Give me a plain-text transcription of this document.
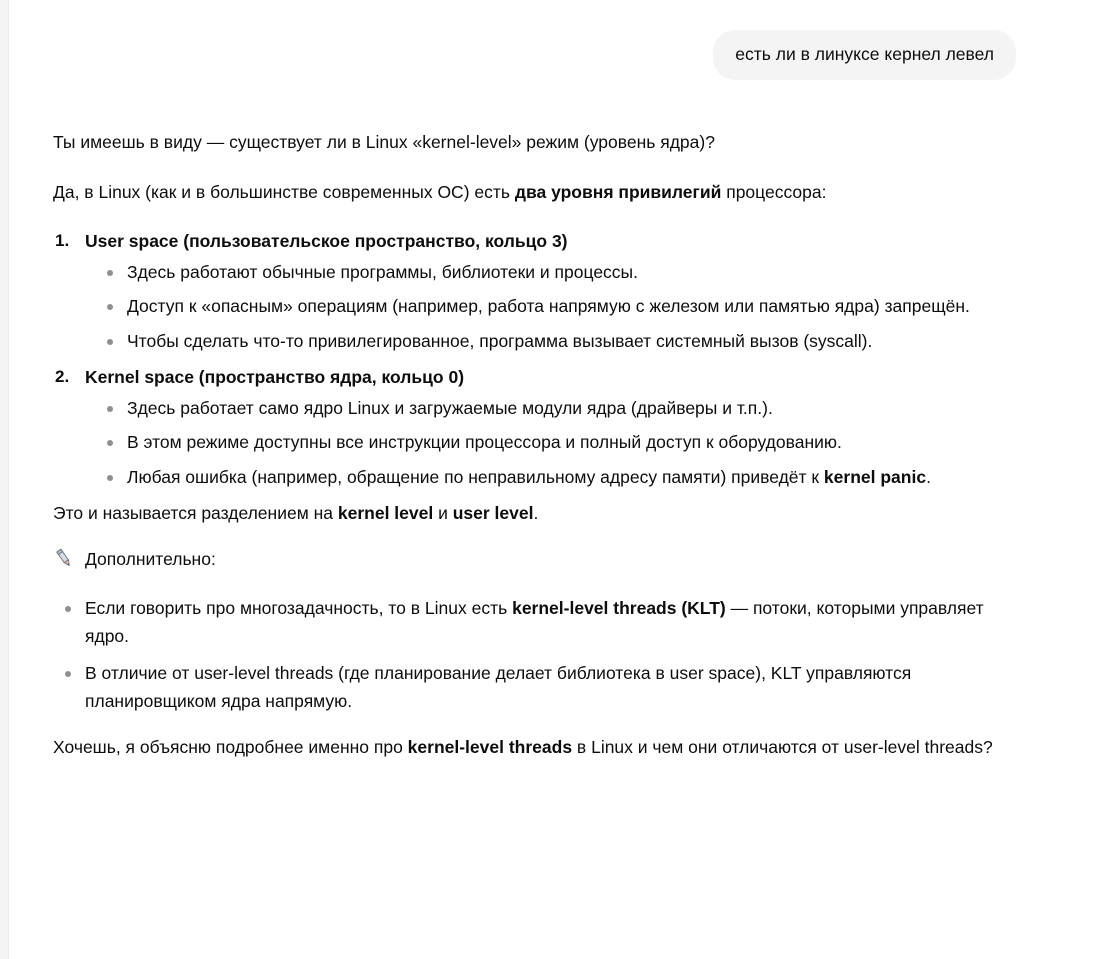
есть ли в линуксе кернел левел

Ты имеешь в виду — существует ли в Linux «kernel-level» режим (уровень ядра)?

Да, в Linux (как и в большинстве современных ОС) есть два уровня привилегий процессора:

1. User space (пользовательское пространство, кольцо 3)
Здесь работают обычные программы, библиотеки и процессы.
Доступ к «опасным» операциям (например, работа напрямую с железом или памятью ядра) запрещён.
Чтобы сделать что-то привилегированное, программа вызывает системный вызов (syscall).
2. Kernel space (пространство ядра, кольцо 0)
Здесь работает само ядро Linux и загружаемые модули ядра (драйверы и т.п.).
В этом режиме доступны все инструкции процессора и полный доступ к оборудованию.
Любая ошибка (например, обращение по неправильному адресу памяти) приведёт к kernel panic.

Это и называется разделением на kernel level и user level.

Дополнительно:
Если говорить про многозадачность, то в Linux есть kernel-level threads (KLT) — потоки, которыми управляет ядро.
В отличие от user-level threads (где планирование делает библиотека в user space), KLT управляются планировщиком ядра напрямую.

Хочешь, я объясню подробнее именно про kernel-level threads в Linux и чем они отличаются от user-level threads?
